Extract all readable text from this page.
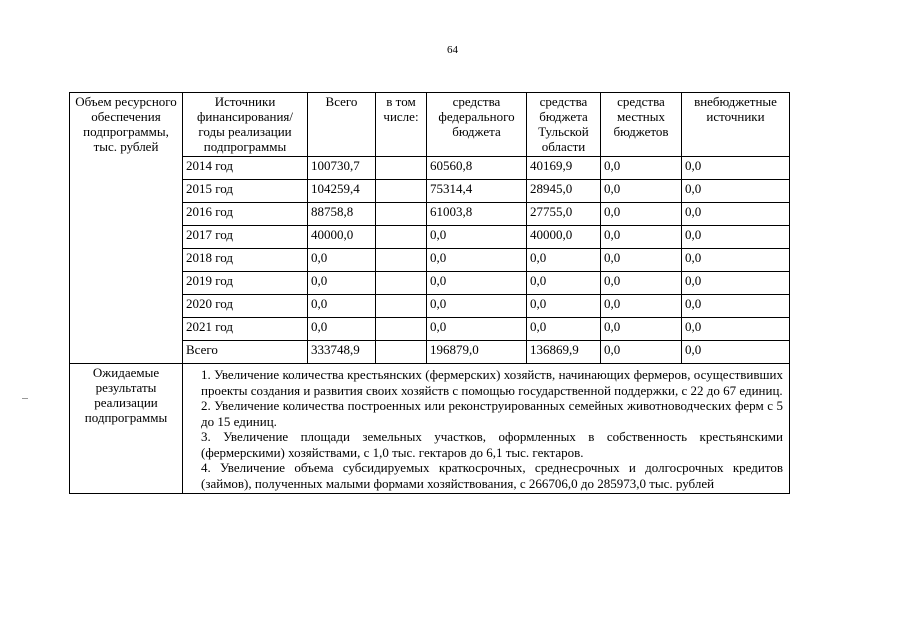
64
Объем ресурсного обеспечения подпрограммы, тыс. рублей	Источники финансирования/ годы реализации подпрограммы	Всего	в том числе:	средства федерального бюджета	средства бюджета Тульской области	средства местных бюджетов	внебюджетные источники
	2014 год	100730,7		60560,8	40169,9	0,0	0,0
	2015 год	104259,4		75314,4	28945,0	0,0	0,0
	2016 год	88758,8		61003,8	27755,0	0,0	0,0
	2017 год	40000,0		0,0	40000,0	0,0	0,0
	2018 год	0,0		0,0	0,0	0,0	0,0
	2019 год	0,0		0,0	0,0	0,0	0,0
	2020 год	0,0		0,0	0,0	0,0	0,0
	2021 год	0,0		0,0	0,0	0,0	0,0
	Всего	333748,9		196879,0	136869,9	0,0	0,0
Ожидаемые результаты реализации подпрограммы	1. Увеличение количества крестьянских (фермерских) хозяйств, начинающих фермеров, осуществивших проекты создания и развития своих хозяйств с помощью государственной поддержки, с 22 до 67 единиц.

2. Увеличение количества построенных или реконструированных семейных животноводческих ферм с 5 до 15 единиц.

3. Увеличение площади земельных участков, оформленных в собственность крестьянскими (фермерскими) хозяйствами, с 1,0 тыс. гектаров до 6,1 тыс. гектаров.

4. Увеличение объема субсидируемых краткосрочных, среднесрочных и долгосрочных кредитов (займов), полученных малыми формами хозяйствования, с 266706,0 до 285973,0 тыс. рублей						
